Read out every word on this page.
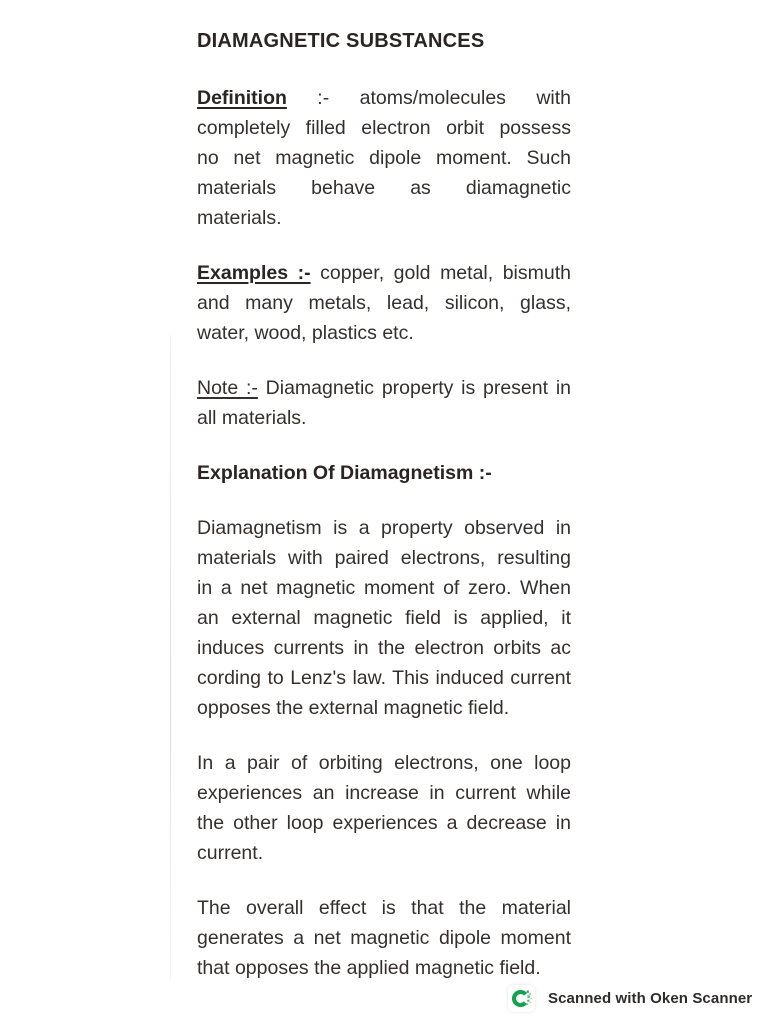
DIAMAGNETIC SUBSTANCES
Definition :- atoms/molecules with
completely filled electron orbit possess
no net magnetic dipole moment. Such
materials behave as diamagnetic
materials.
Examples :- copper, gold metal, bismuth
and many metals, lead, silicon, glass,
water, wood, plastics etc.
Note :- Diamagnetic property is present in
all materials.
Explanation Of Diamagnetism :-
Diamagnetism is a property observed in
materials with paired electrons, resulting
in a net magnetic moment of zero. When
an external magnetic field is applied, it
induces currents in the electron orbits ac
cording to Lenz's law. This induced current
opposes the external magnetic field.
In a pair of orbiting electrons, one loop
experiences an increase in current while
the other loop experiences a decrease in
current.
The overall effect is that the material
generates a net magnetic dipole moment
that opposes the applied magnetic field.
Scanned with Oken Scanner
